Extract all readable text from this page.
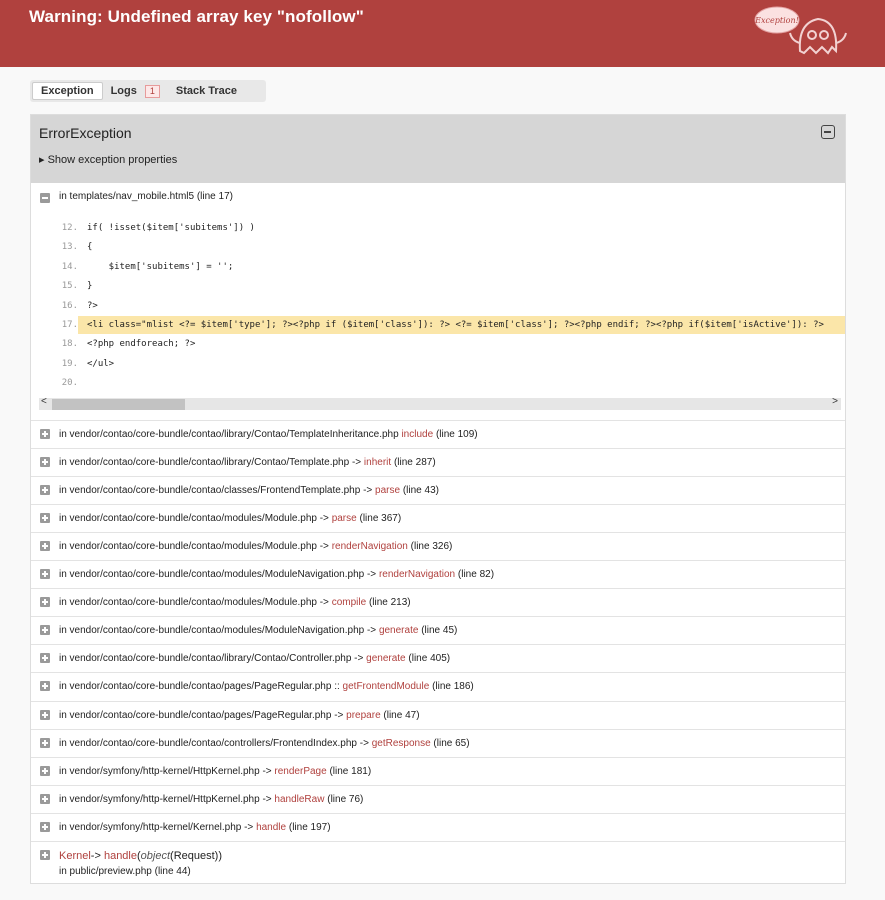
Warning: Undefined array key "nofollow"	Exception!
Exception Logs	1	Stack Trace
ErrorException
▸ Show exception properties
in templates/nav_mobile.html5 (line 17)
12. if( !isset($item['subitems']) )
13. {
14. $item['subitems'] = '';
15. }
16. ?>
17. <li class="mlist <?= $item['type']; ?><?php if ($item['class']): ?> <?= $item['class']; ?><?php endif; ?><?php if($item['isActive']): ?>
18. <?php endforeach; ?>
19. </ul>
20.
<	>
in vendor/contao/core-bundle/contao/library/Contao/TemplateInheritance.php include (line 109)
in vendor/contao/core-bundle/contao/library/Contao/Template.php -> inherit (line 287)
in vendor/contao/core-bundle/contao/classes/FrontendTemplate.php -> parse (line 43)
in vendor/contao/core-bundle/contao/modules/Module.php -> parse (line 367)
in vendor/contao/core-bundle/contao/modules/Module.php -> renderNavigation (line 326)
in vendor/contao/core-bundle/contao/modules/ModuleNavigation.php -> renderNavigation (line 82)
in vendor/contao/core-bundle/contao/modules/Module.php -> compile (line 213)
in vendor/contao/core-bundle/contao/modules/ModuleNavigation.php -> generate (line 45)
in vendor/contao/core-bundle/contao/library/Contao/Controller.php -> generate (line 405)
in vendor/contao/core-bundle/contao/pages/PageRegular.php :: getFrontendModule (line 186)
in vendor/contao/core-bundle/contao/pages/PageRegular.php -> prepare (line 47)
in vendor/contao/core-bundle/contao/controllers/FrontendIndex.php -> getResponse (line 65)
in vendor/symfony/http-kernel/HttpKernel.php -> renderPage (line 181)
in vendor/symfony/http-kernel/HttpKernel.php -> handleRaw (line 76)
in vendor/symfony/http-kernel/Kernel.php -> handle (line 197)
Kernel-> handle(object(Request))
in public/preview.php (line 44)
